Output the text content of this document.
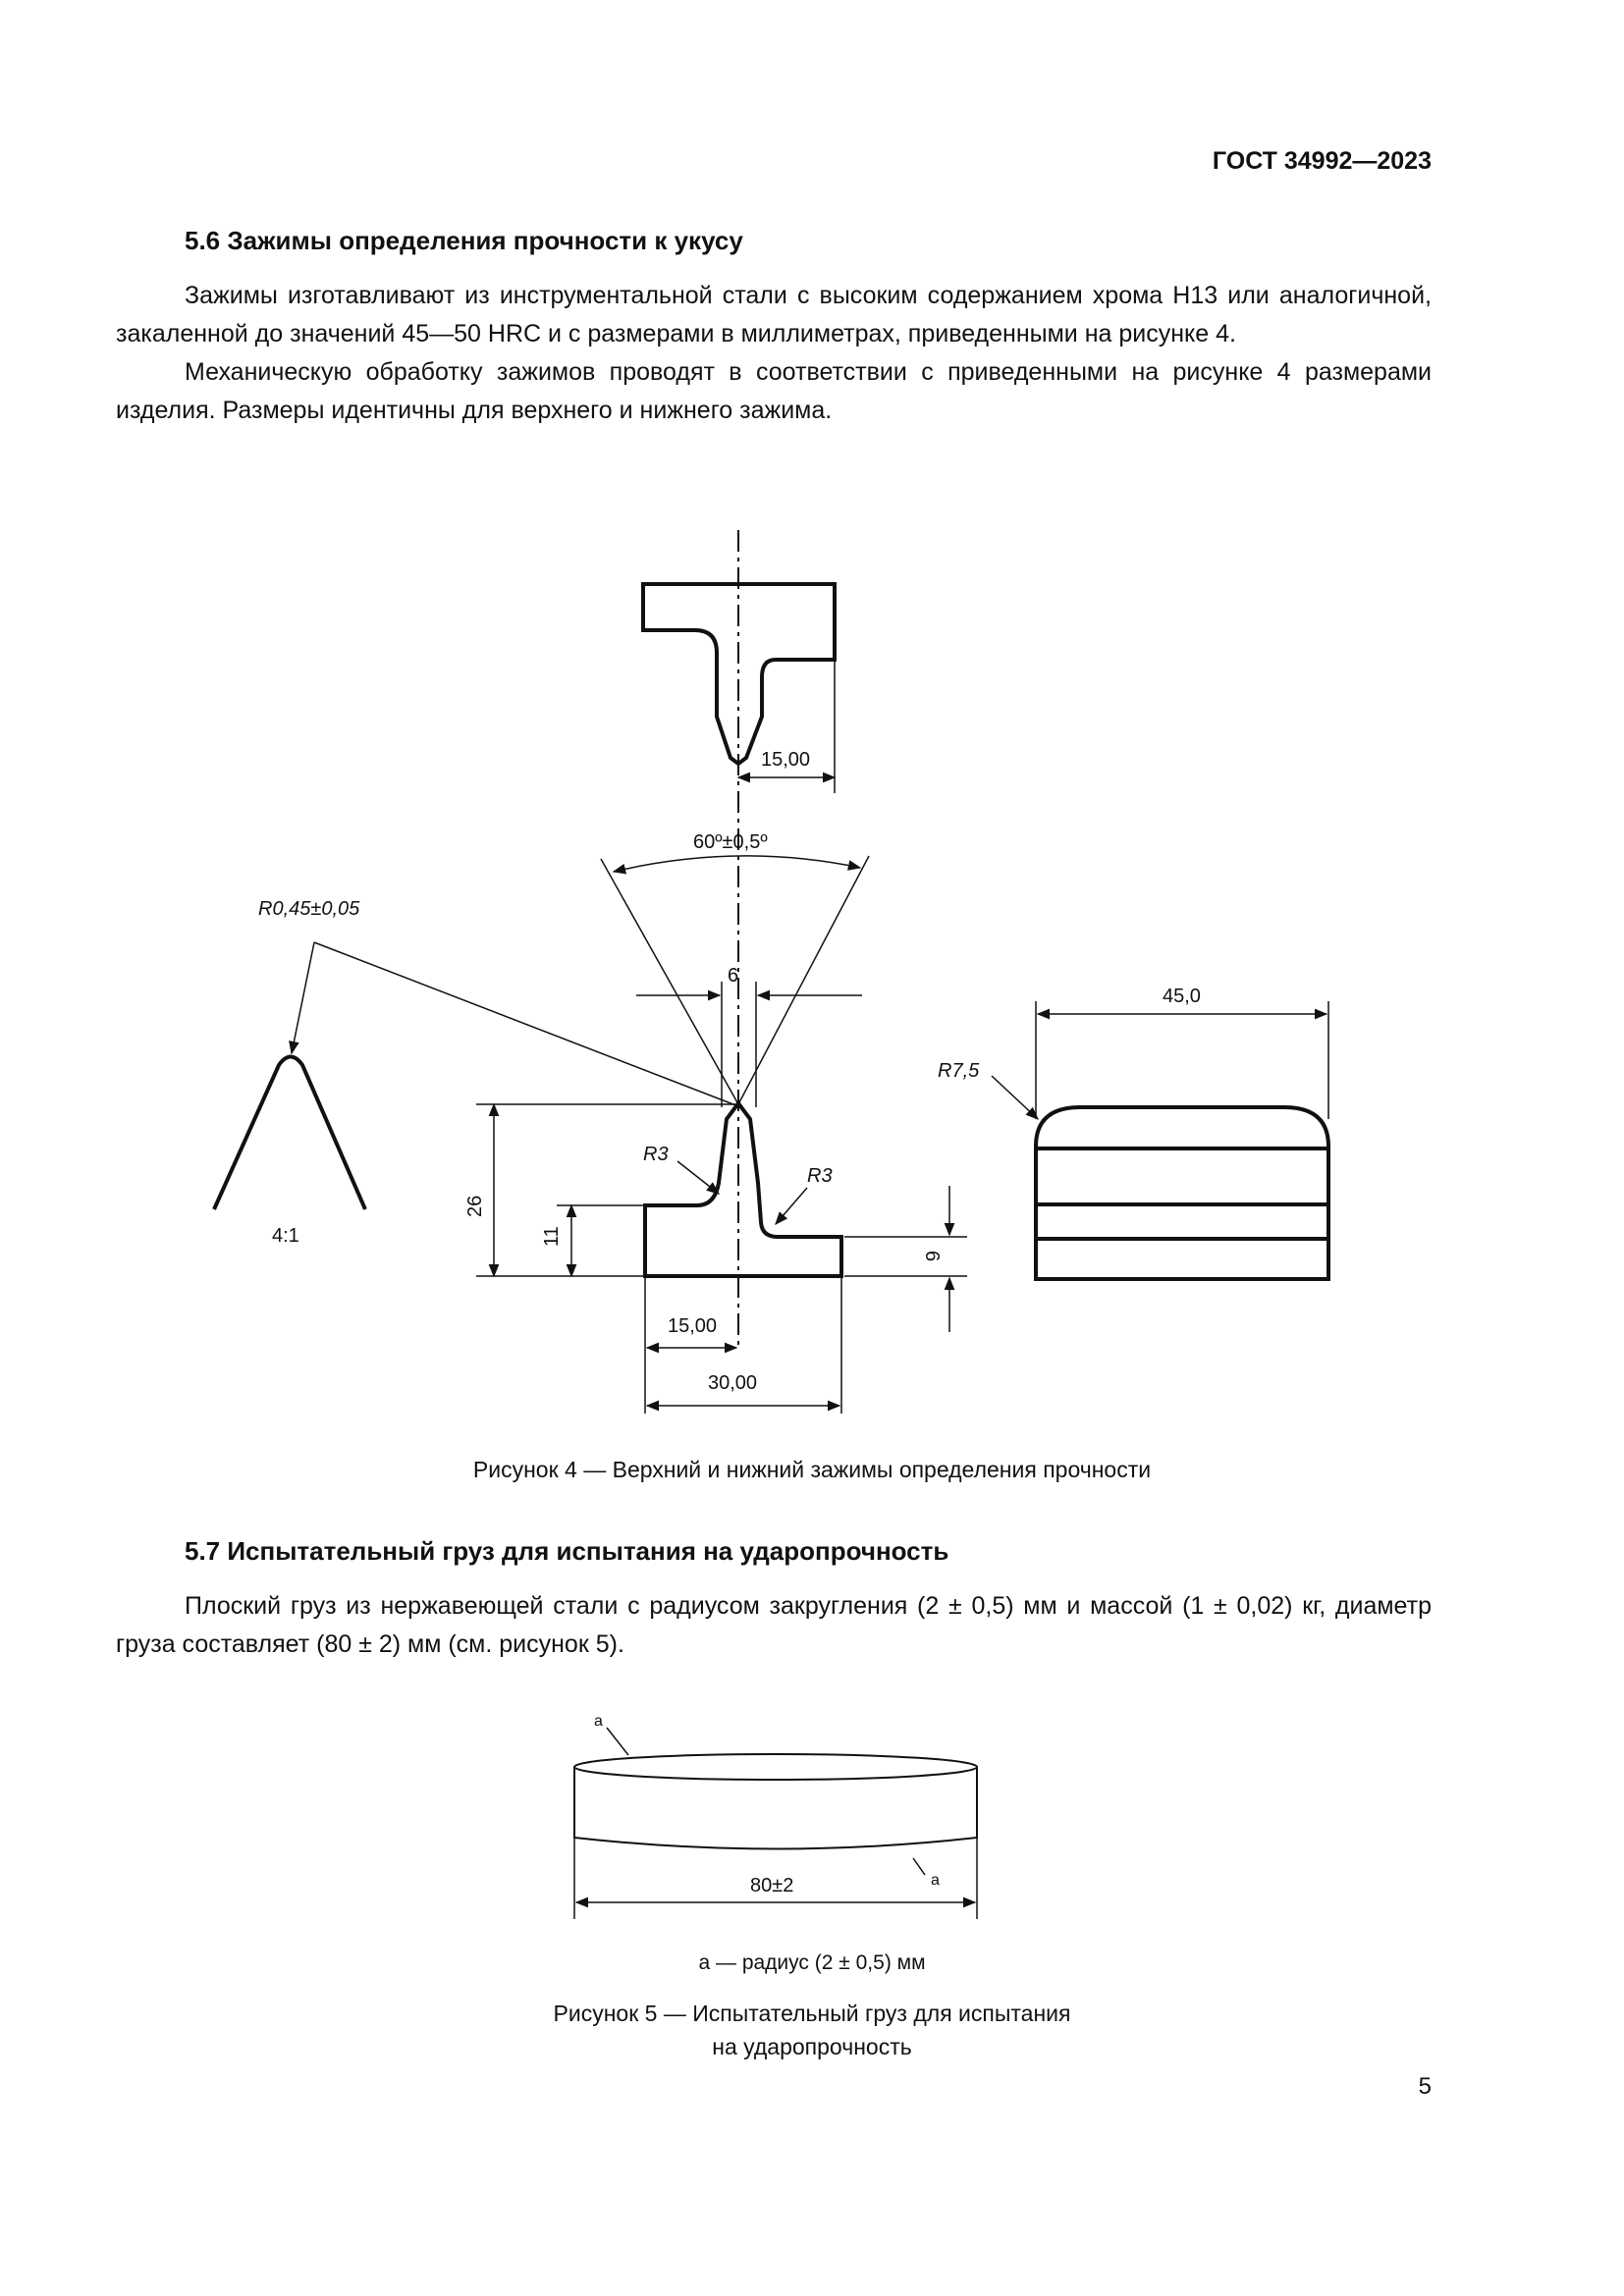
ГОСТ 34992—2023
5.6 Зажимы определения прочности к укусу

Зажимы изготавливают из инструментальной стали с высоким содержанием хрома Н13 или аналогичной, закаленной до значений 45—50 HRC и с размерами в миллиметрах, приведенными на рисунке 4.

Механическую обработку зажимов проводят в соответствии с приведенными на рисунке 4 размерами изделия. Размеры идентичны для верхнего и нижнего зажима.

15,00
60º±0,5º
R0,45±0,05
6
4:1
R3
R3
26
11
6
15,00
30,00
45,0
R7,5
Рисунок 4 — Верхний и нижний зажимы определения прочности
5.7 Испытательный груз для испытания на ударопрочность

Плоский груз из нержавеющей стали с радиусом закругления (2 ± 0,5) мм и массой (1 ± 0,02) кг, диаметр груза составляет (80 ± 2) мм (см. рисунок 5).

a
a
80±2
a — радиус (2 ± 0,5) мм
Рисунок 5 — Испытательный груз для испытания
на ударопрочность
5
